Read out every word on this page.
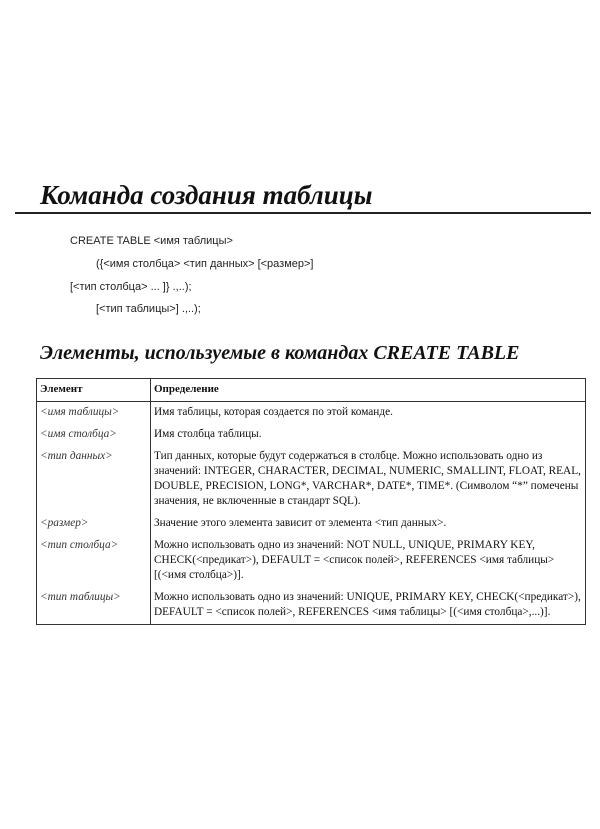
Команда создания таблицы
CREATE TABLE <имя таблицы>
({<имя столбца> <тип данных> [<размер>]
[<тип столбца> ... ]} .,..);
[<тип таблицы>] .,..);
Элементы, используемые в командах CREATE TABLE
Элемент	Определение
<имя таблицы>	Имя таблицы, которая создается по этой команде.
<имя столбца>	Имя столбца таблицы.
<тип данных>	Тип данных, которые будут содержаться в столбце. Можно использовать одно из значений: INTEGER, CHARACTER, DECIMAL, NUMERIC, SMALLINT, FLOAT, REAL, DOUBLE, PRECISION, LONG*, VARCHAR*, DATE*, TIME*. (Символом “*” помечены значения, не включенные в стандарт SQL).
<размер>	Значение этого элемента зависит от элемента <тип данных>.
<тип столбца>	Можно использовать одно из значений: NOT NULL, UNIQUE, PRIMARY KEY, CHECK(<предикат>), DEFAULT = <список полей>, REFERENCES <имя таблицы> [(<имя столбца>)].
<тип таблицы>	Можно использовать одно из значений: UNIQUE, PRIMARY KEY, CHECK(<предикат>), DEFAULT = <список полей>, REFERENCES <имя таблицы> [(<имя столбца>,...)].
